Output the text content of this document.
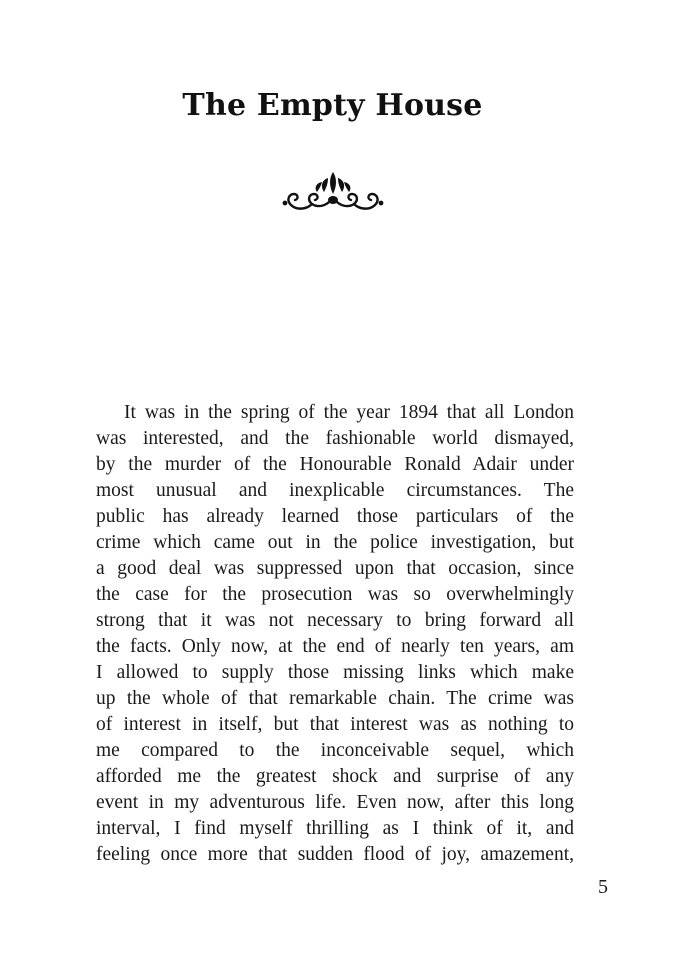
The Empty House
It was in the spring of the year 1894 that all London
was interested, and the fashionable world dismayed,
by the murder of the Honourable Ronald Adair under
most unusual and inexplicable circumstances. The
public has already learned those particulars of the
crime which came out in the police investigation, but
a good deal was suppressed upon that occasion, since
the case for the prosecution was so overwhelmingly
strong that it was not necessary to bring forward all
the facts. Only now, at the end of nearly ten years, am
I allowed to supply those missing links which make
up the whole of that remarkable chain. The crime was
of interest in itself, but that interest was as nothing to
me compared to the inconceivable sequel, which
afforded me the greatest shock and surprise of any
event in my adventurous life. Even now, after this long
interval, I find myself thrilling as I think of it, and
feeling once more that sudden flood of joy, amazement,
5
